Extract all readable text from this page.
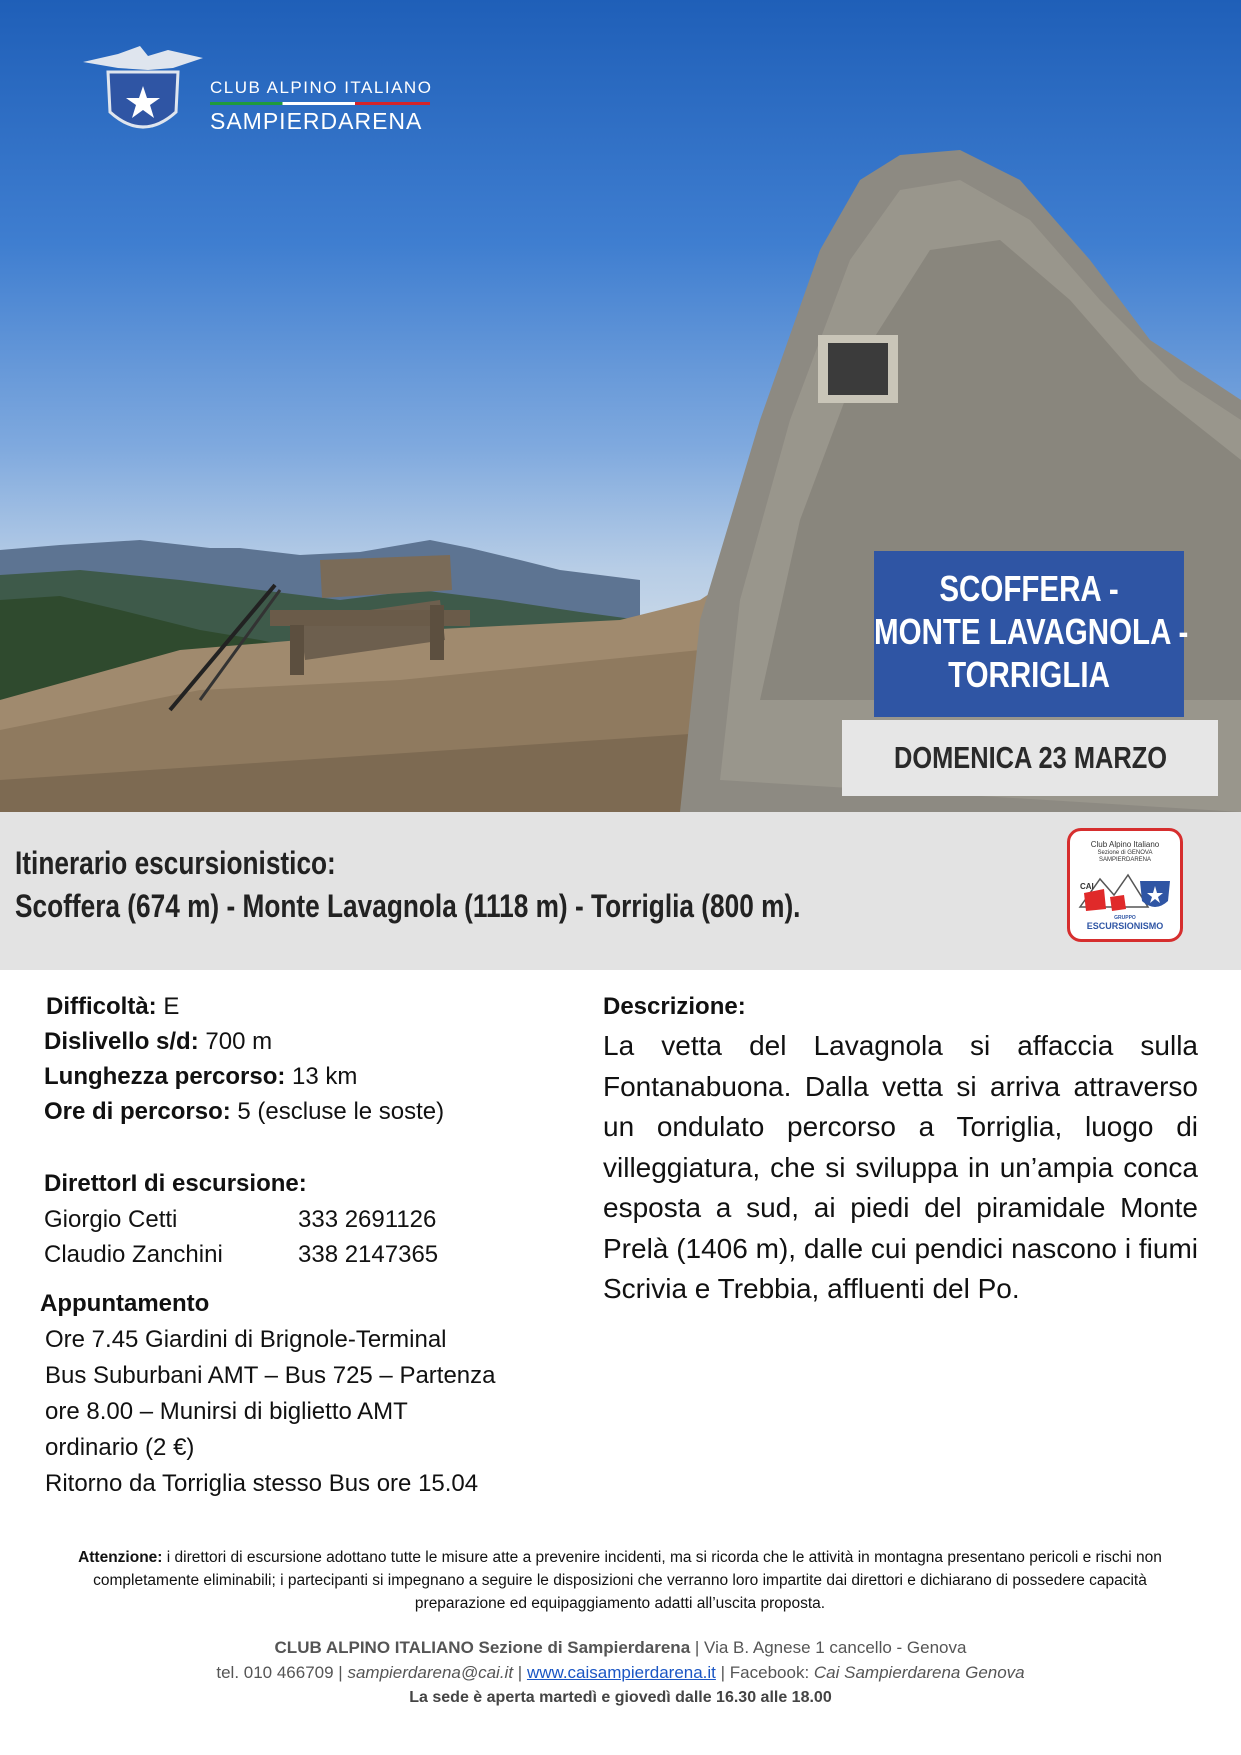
CLUB ALPINO ITALIANO
SAMPIERDARENA
SCOFFERA -
MONTE LAVAGNOLA -
TORRIGLIA
DOMENICA 23 MARZO
Itinerario escursionistico:
Scoffera (674 m) - Monte Lavagnola (1118 m) - Torriglia (800 m).
Club Alpino Italiano
Sezione di GENOVA
SAMPIERDARENA
CAI
GRUPPO
ESCURSIONISMO
Difficoltà: E
Dislivello s/d: 700 m
Lunghezza percorso: 13 km
Ore di percorso: 5 (escluse le soste)
DirettorI di escursione:
Giorgio Cetti	333 2691126
Claudio Zanchini	338 2147365
Appuntamento
Ore 7.45 Giardini di Brignole-Terminal
Bus Suburbani AMT – Bus 725 – Partenza
ore 8.00 – Munirsi di biglietto AMT
ordinario (2 €)
Ritorno da Torriglia stesso Bus ore 15.04
Descrizione:
La vetta del Lavagnola si affaccia sulla Fontanabuona. Dalla vetta si arriva attraverso un ondulato percorso a Torriglia, luogo di villeggiatura, che si sviluppa in un’ampia conca esposta a sud, ai piedi del piramidale Monte Prelà (1406 m), dalle cui pendici nascono i fiumi Scrivia e Trebbia, affluenti del Po.
Attenzione: i direttori di escursione adottano tutte le misure atte a prevenire incidenti, ma si ricorda che le attività in montagna presentano pericoli e rischi non completamente eliminabili; i partecipanti si impegnano a seguire le disposizioni che verranno loro impartite dai direttori e dichiarano di possedere capacità preparazione ed equipaggiamento adatti all’uscita proposta.
CLUB ALPINO ITALIANO Sezione di Sampierdarena | Via B. Agnese 1 cancello - Genova
tel. 010 466709 | sampierdarena@cai.it | www.caisampierdarena.it | Facebook: Cai Sampierdarena Genova
La sede è aperta martedì e giovedì dalle 16.30 alle 18.00
